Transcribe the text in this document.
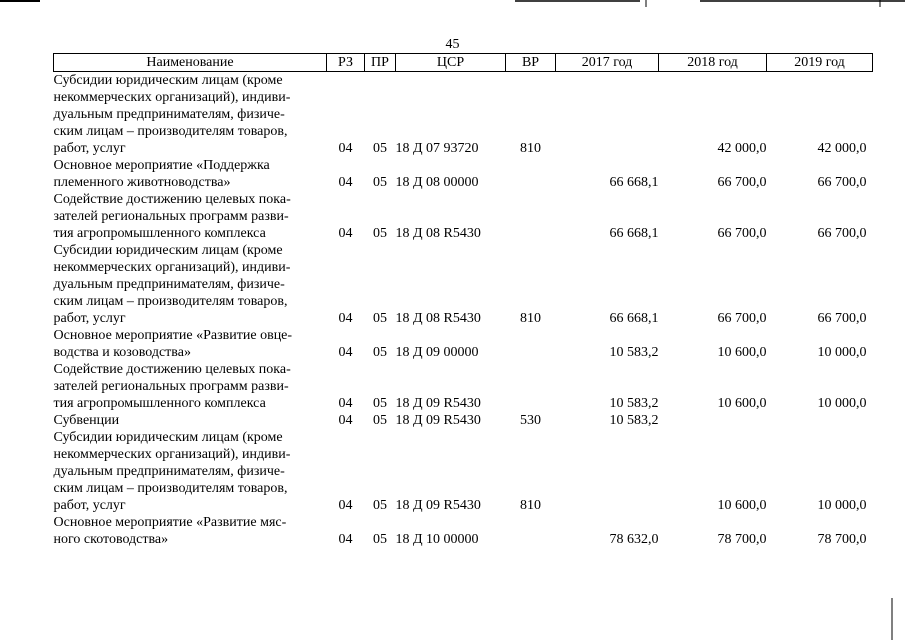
45
Наименование	РЗ	ПР	ЦСР	ВР	2017 год	2018 год	2019 год
Субсидии юридическим лицам (кроме
некоммерческих организаций), индиви-
дуальным предпринимателям, физиче-
ским лицам – производителям товаров,
работ, услуг	04	05	18 Д 07 93720	810		42 000,0	42 000,0
Основное мероприятие «Поддержка
племенного животноводства»	04	05	18 Д 08 00000		66 668,1	66 700,0	66 700,0
Содействие достижению целевых пока-
зателей региональных программ разви-
тия агропромышленного комплекса	04	05	18 Д 08 R5430		66 668,1	66 700,0	66 700,0
Субсидии юридическим лицам (кроме
некоммерческих организаций), индиви-
дуальным предпринимателям, физиче-
ским лицам – производителям товаров,
работ, услуг	04	05	18 Д 08 R5430	810	66 668,1	66 700,0	66 700,0
Основное мероприятие «Развитие овце-
водства и козоводства»	04	05	18 Д 09 00000		10 583,2	10 600,0	10 000,0
Содействие достижению целевых пока-
зателей региональных программ разви-
тия агропромышленного комплекса	04	05	18 Д 09 R5430		10 583,2	10 600,0	10 000,0
Субвенции	04	05	18 Д 09 R5430	530	10 583,2		
Субсидии юридическим лицам (кроме
некоммерческих организаций), индиви-
дуальным предпринимателям, физиче-
ским лицам – производителям товаров,
работ, услуг	04	05	18 Д 09 R5430	810		10 600,0	10 000,0
Основное мероприятие «Развитие мяс-
ного скотоводства»	04	05	18 Д 10 00000		78 632,0	78 700,0	78 700,0
